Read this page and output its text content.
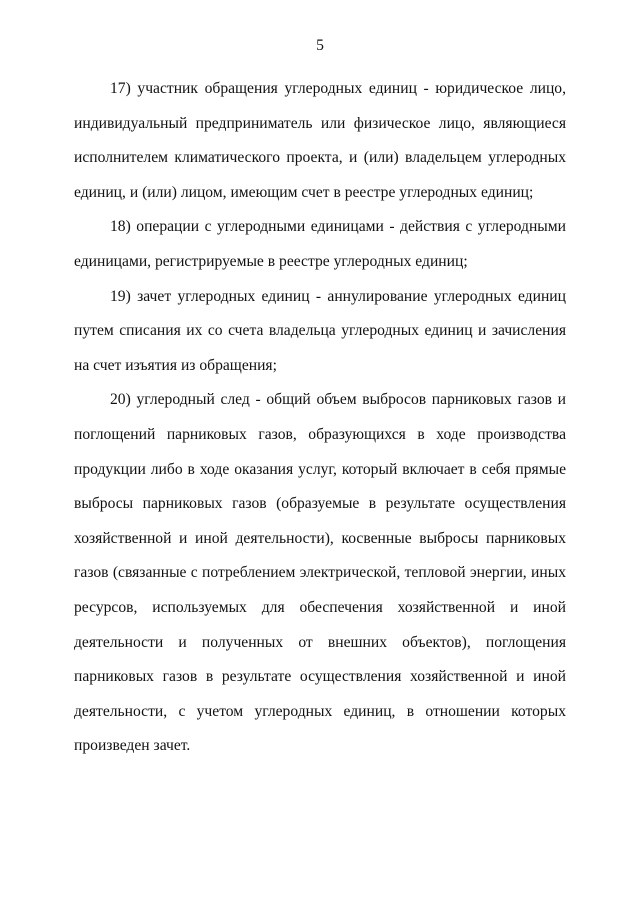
5

17) участник обращения углеродных единиц - юридическое лицо, индивидуальный предприниматель или физическое лицо, являющиеся исполнителем климатического проекта, и (или) владельцем углеродных единиц, и (или) лицом, имеющим счет в реестре углеродных единиц;

18) операции с углеродными единицами - действия с углеродными единицами, регистрируемые в реестре углеродных единиц;

19) зачет углеродных единиц - аннулирование углеродных единиц путем списания их со счета владельца углеродных единиц и зачисления на счет изъятия из обращения;

20) углеродный след - общий объем выбросов парниковых газов и поглощений парниковых газов, образующихся в ходе производства продукции либо в ходе оказания услуг, который включает в себя прямые выбросы парниковых газов (образуемые в результате осуществления хозяйственной и иной деятельности), косвенные выбросы парниковых газов (связанные с потреблением электрической, тепловой энергии, иных ресурсов, используемых для обеспечения хозяйственной и иной деятельности и полученных от внешних объектов), поглощения парниковых газов в результате осуществления хозяйственной и иной деятельности, с учетом углеродных единиц, в отношении которых произведен зачет.
